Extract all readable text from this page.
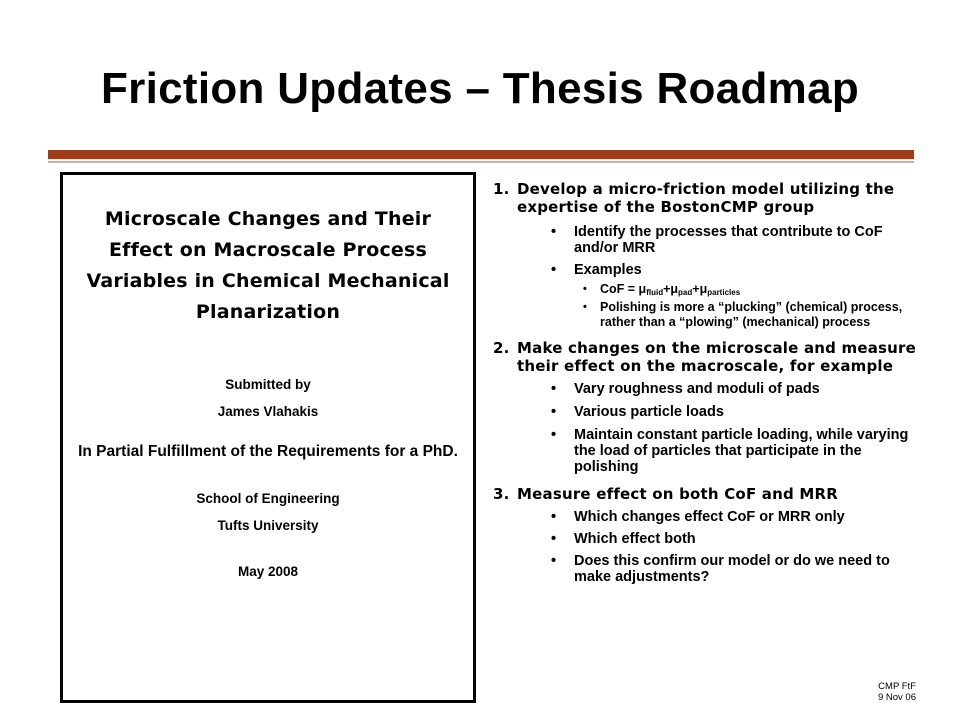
Friction Updates – Thesis Roadmap
Microscale Changes and Their Effect on Macroscale Process Variables in Chemical Mechanical Planarization
Submitted by
James Vlahakis
In Partial Fulfillment of the Requirements for a PhD.
School of Engineering
Tufts University
May 2008
1. Develop a micro-friction model utilizing the expertise of the BostonCMP group
• Identify the processes that contribute to CoF and/or MRR
• Examples
• CoF = $\mu_{fluid}+\mu_{pad}+\mu_{particles}$
• Polishing is more a “plucking” (chemical) process, rather than a “plowing” (mechanical) process
2. Make changes on the microscale and measure their effect on the macroscale, for example
• Vary roughness and moduli of pads
• Various particle loads
• Maintain constant particle loading, while varying the load of particles that participate in the polishing
3. Measure effect on both CoF and MRR
• Which changes effect CoF or MRR only
• Which effect both
• Does this confirm our model or do we need to make adjustments?
CMP FtF
9 Nov 06
